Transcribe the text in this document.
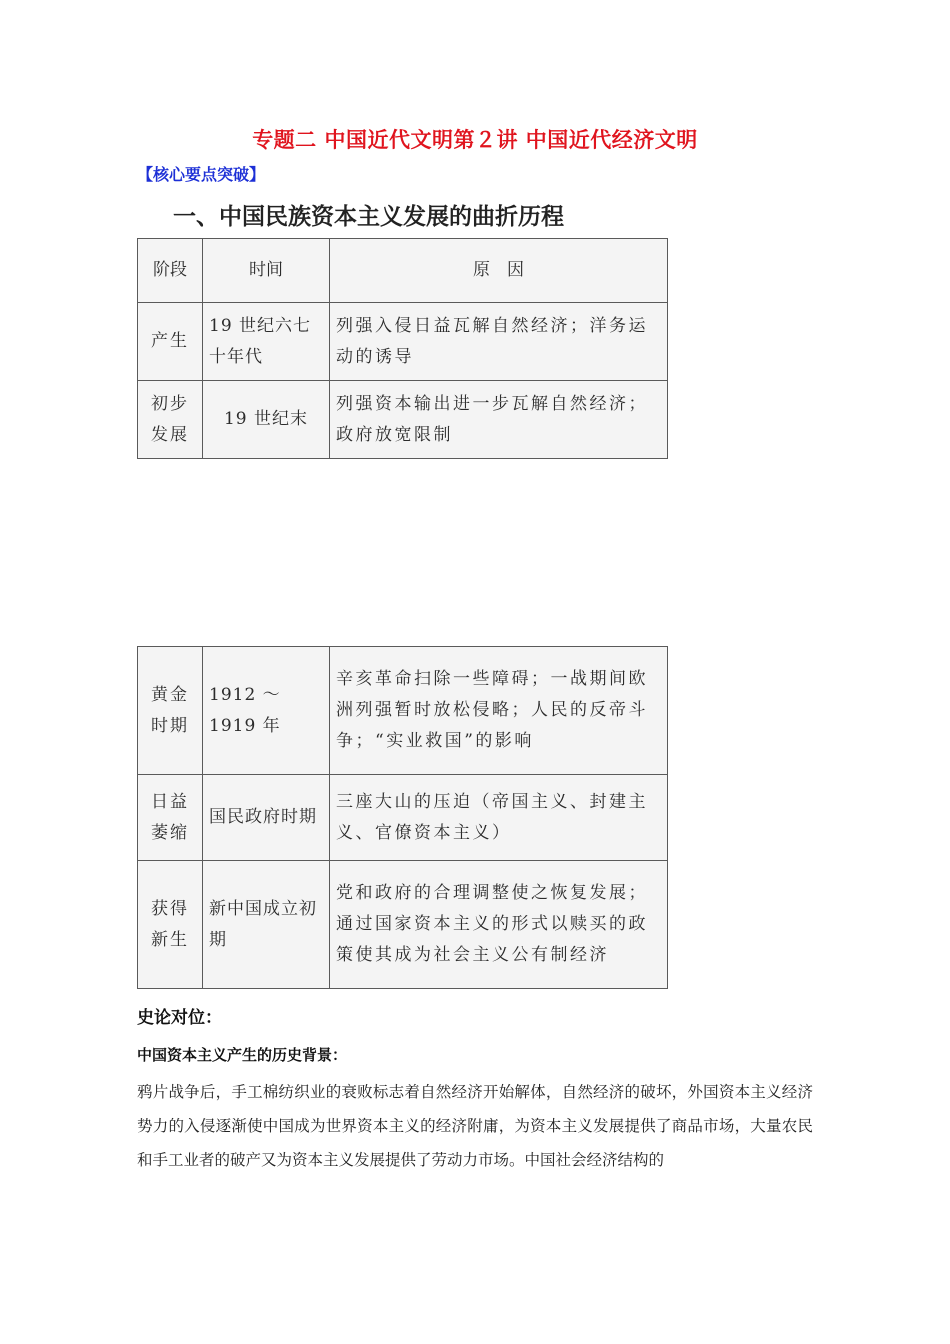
专题二 中国近代文明第２讲 中国近代经济文明
【核心要点突破】
一、中国民族资本主义发展的曲折历程
阶段	时间	原　因
产生	19 世纪六七十年代	列强入侵日益瓦解自然经济；洋务运动的诱导
初步发展	19 世纪末	列强资本输出进一步瓦解自然经济；政府放宽限制
黄金时期	1912 ～ 1919 年	辛亥革命扫除一些障碍；一战期间欧洲列强暂时放松侵略；人民的反帝斗争；“实业救国”的影响
日益萎缩	国民政府时期	三座大山的压迫（帝国主义、封建主义、官僚资本主义）
获得新生	新中国成立初期	党和政府的合理调整使之恢复发展；通过国家资本主义的形式以赎买的政策使其成为社会主义公有制经济
史论对位：
中国资本主义产生的历史背景：
鸦片战争后，手工棉纺织业的衰败标志着自然经济开始解体，自然经济的破坏，外国资本主义经济势力的入侵逐渐使中国成为世界资本主义的经济附庸，为资本主义发展提供了商品市场，大量农民和手工业者的破产又为资本主义发展提供了劳动力市场。中国社会经济结构的
